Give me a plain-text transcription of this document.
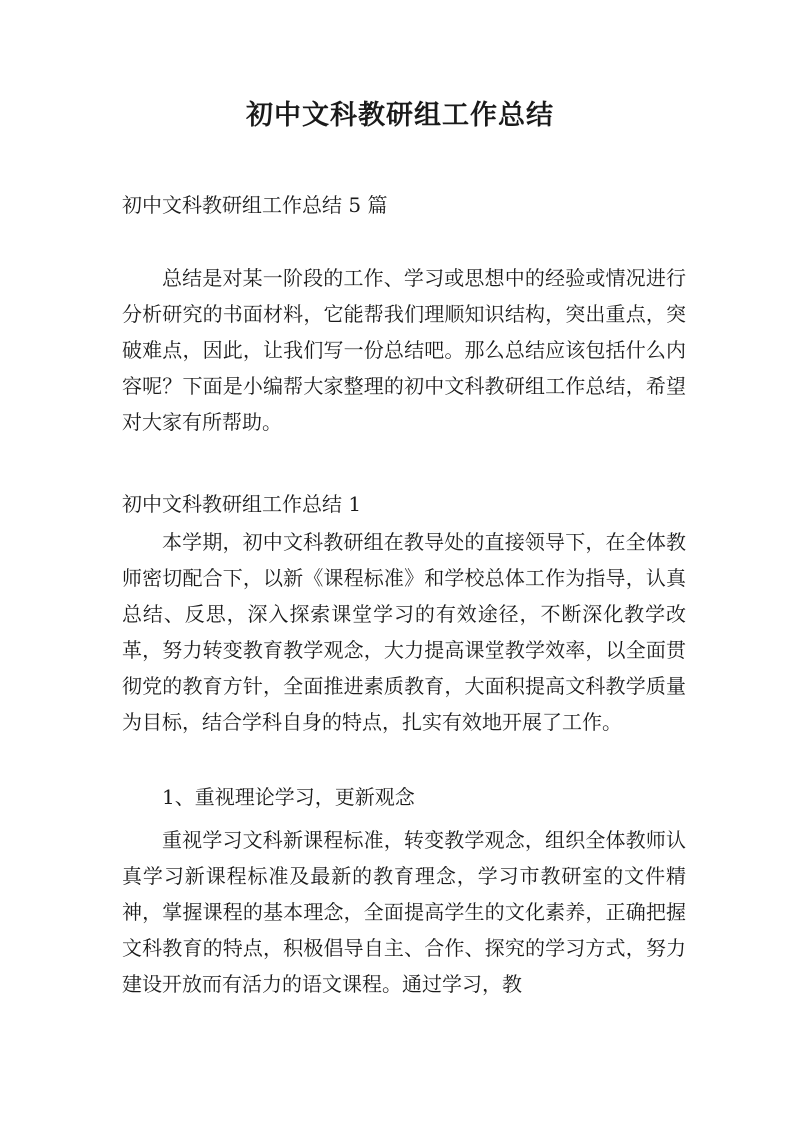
初中文科教研组工作总结
初中文科教研组工作总结 5 篇

总结是对某一阶段的工作、学习或思想中的经验或情况进行分析研究的书面材料，它能帮我们理顺知识结构，突出重点，突破难点，因此，让我们写一份总结吧。那么总结应该包括什么内容呢？下面是小编帮大家整理的初中文科教研组工作总结，希望对大家有所帮助。

初中文科教研组工作总结 1

本学期，初中文科教研组在教导处的直接领导下，在全体教师密切配合下，以新《课程标准》和学校总体工作为指导，认真总结、反思，深入探索课堂学习的有效途径，不断深化教学改革，努力转变教育教学观念，大力提高课堂教学效率，以全面贯彻党的教育方针，全面推进素质教育，大面积提高文科教学质量为目标，结合学科自身的特点，扎实有效地开展了工作。

1、重视理论学习，更新观念

重视学习文科新课程标准，转变教学观念，组织全体教师认真学习新课程标准及最新的教育理念，学习市教研室的文件精神，掌握课程的基本理念，全面提高学生的文化素养，正确把握文科教育的特点，积极倡导自主、合作、探究的学习方式，努力建设开放而有活力的语文课程。通过学习，教
